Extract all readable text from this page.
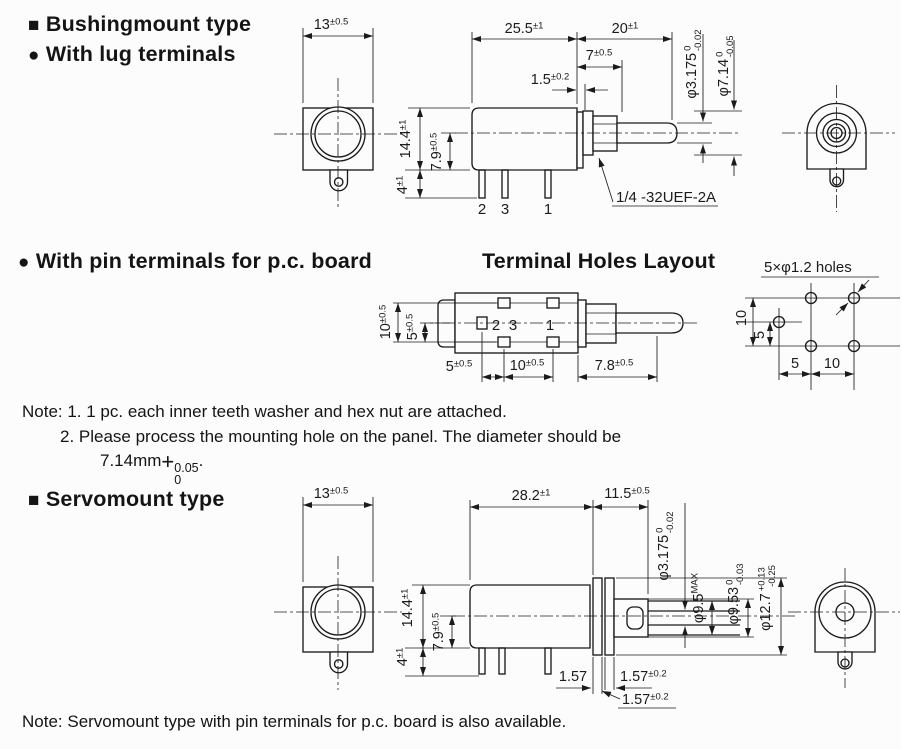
$13^{\pm 0.5}$
2 3 1
$25.5^{\pm 1}$	$20^{\pm 1}$
$7^{\pm 0.5}$
$1.5^{\pm 0.2}$
$14.4^{\pm 1}$
$7.9^{\pm 0.5}$
$4^{\pm 1}$
φ3.175$^0$-0.02
φ7.14$^0$-0.05
1/4 -32UEF-2A
2 3 1
$10^{\pm 0.5}$
$5^{\pm 0.5}$
$5^{\pm 0.5}$	$10^{\pm 0.5}$	$7.8^{\pm 0.5}$
5×φ1.2 holes
10
5
5 10
$13^{\pm 0.5}$	$28.2^{\pm 1}$	$11.5^{\pm 0.5}$
$14.4^{\pm 1}$
$7.9^{\pm 0.5}$
$4^{\pm 1}$
φ3.175$^0$-0.02
$\varphi 9.5^{MAX}$
φ9.53$^0$-0.03
$\varphi 12.7^{+0.13}-0.25$
1.57 $1.57^{\pm 0.2}$
$1.57^{\pm 0.2}$
■ Bushingmount type
● With lug terminals
● With pin terminals for p.c. board	Terminal Holes Layout
Note: 1. 1 pc. each inner teeth washer and hex nut are attached.
2. Please process the mounting hole on the panel. The diameter should be
7.14mm+ 0.05
0
.
■ Servomount type
Note: Servomount type with pin terminals for p.c. board is also available.
